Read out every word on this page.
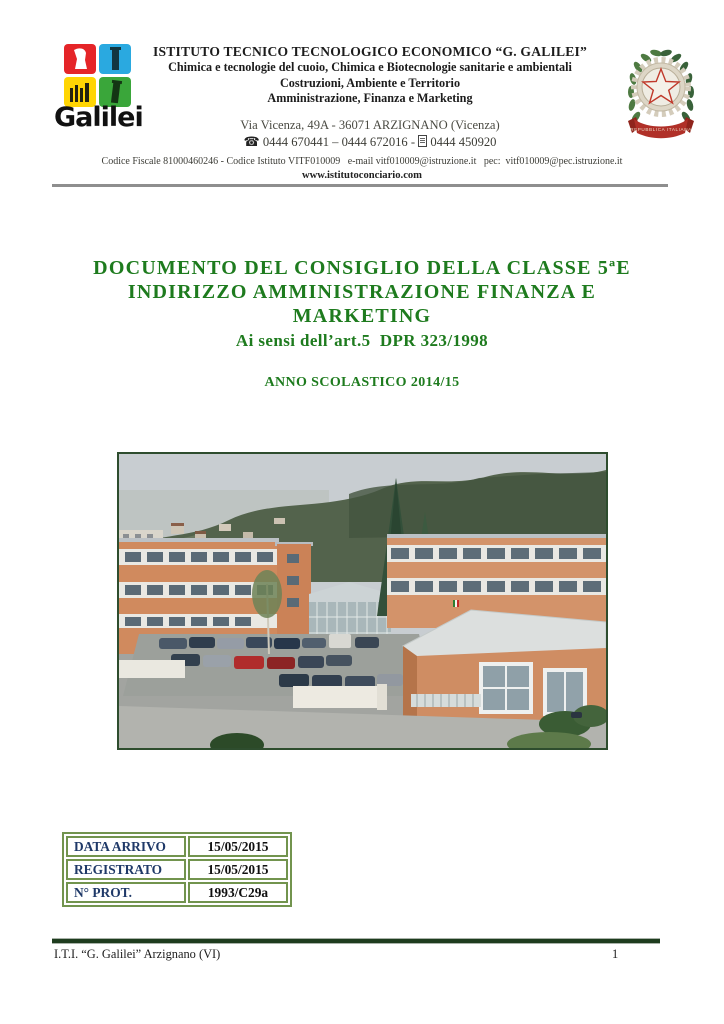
Galilei
ISTITUTO TECNICO TECNOLOGICO ECONOMICO “G. GALILEI”
Chimica e tecnologie del cuoio, Chimica e Biotecnologie sanitarie e ambientali
Costruzioni, Ambiente e Territorio
Amministrazione, Finanza e Marketing
Via Vicenza, 49A - 36071 ARZIGNANO (Vicenza)
☎ 0444 670441 – 0444 672016 -  0444 450920
Codice Fiscale 81000460246 - Codice Istituto VITF010009   e-mail vitf010009@istruzione.it   pec:  vitf010009@pec.istruzione.it
www.istitutoconciario.com
REPUBBLICA ITALIANA
DOCUMENTO DEL CONSIGLIO DELLA CLASSE 5ªE
INDIRIZZO AMMINISTRAZIONE FINANZA E
MARKETING
Ai sensi dell’art.5  DPR 323/1998
ANNO SCOLASTICO 2014/15
DATA ARRIVO	15/05/2015
REGISTRATO	15/05/2015
N° PROT.	1993/C29a
I.T.I. “G. Galilei” Arzignano (VI)	1
